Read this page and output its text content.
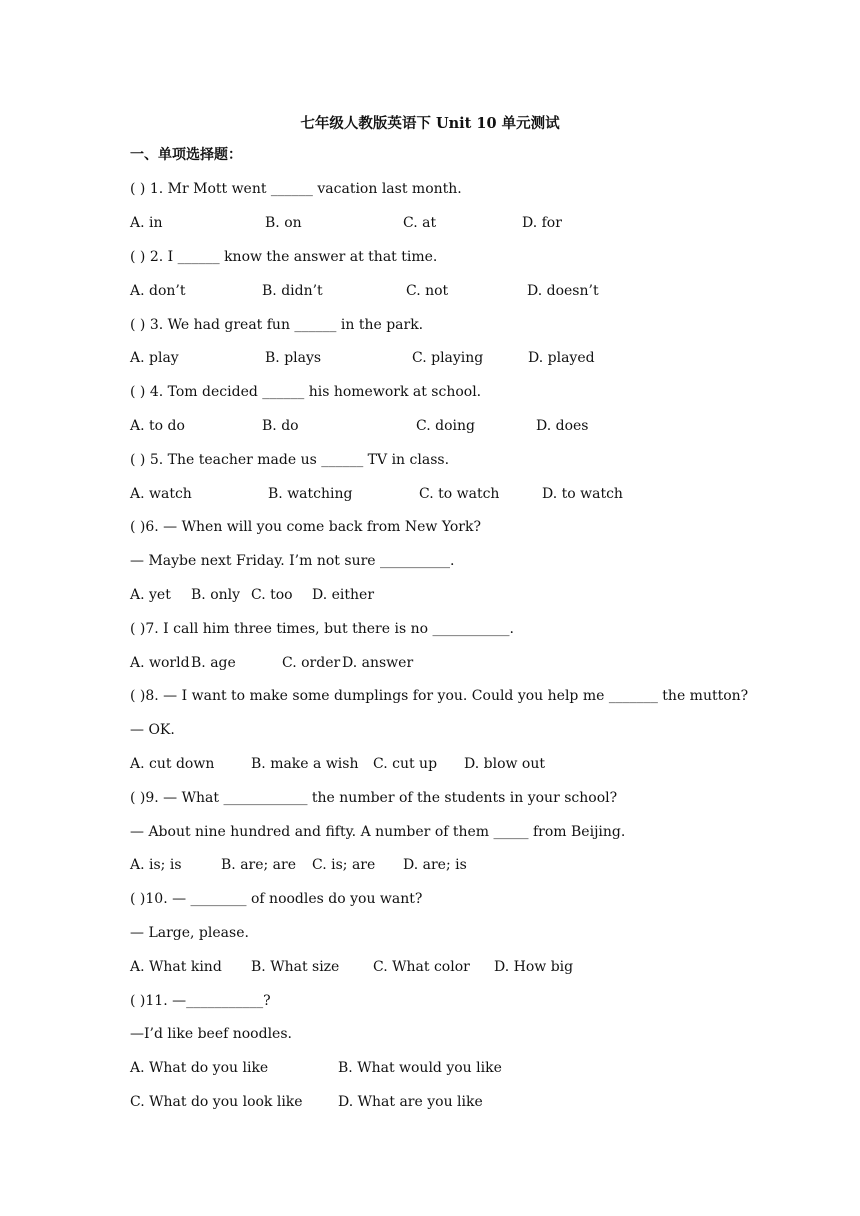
七年级人教版英语下 Unit 10 单元测试
一、单项选择题：
( ) 1. Mr Mott went ______ vacation last month.
A. in	B. on	C. at	D. for
( ) 2. I ______ know the answer at that time.
A. don’t	B. didn’t	C. not	D. doesn’t
( ) 3. We had great fun ______ in the park.
A. play	B. plays	C. playing	D. played
( ) 4. Tom decided ______ his homework at school.
A. to do	B. do	C. doing	D. does
( ) 5. The teacher made us ______ TV in class.
A. watch	B. watching	C. to watch	D. to watch
( )6. — When will you come back from New York?
— Maybe next Friday. I’m not sure __________.
A. yet B. only C. too D. either
( )7. I call him three times, but there is no ___________.
A. world B. age	C. order D. answer
( )8. — I want to make some dumplings for you. Could you help me _______ the mutton?
— OK.
A. cut down	B. make a wish C. cut up D. blow out
( )9. — What ____________ the number of the students in your school?
— About nine hundred and fifty. A number of them _____ from Beijing.
A. is; is	B. are; are C. is; are D. are; is
( )10. — ________ of noodles do you want?
— Large, please.
A. What kind B. What size C. What color D. How big
( )11. —___________?
—I’d like beef noodles.
A. What do you like	B. What would you like
C. What do you look like	D. What are you like
